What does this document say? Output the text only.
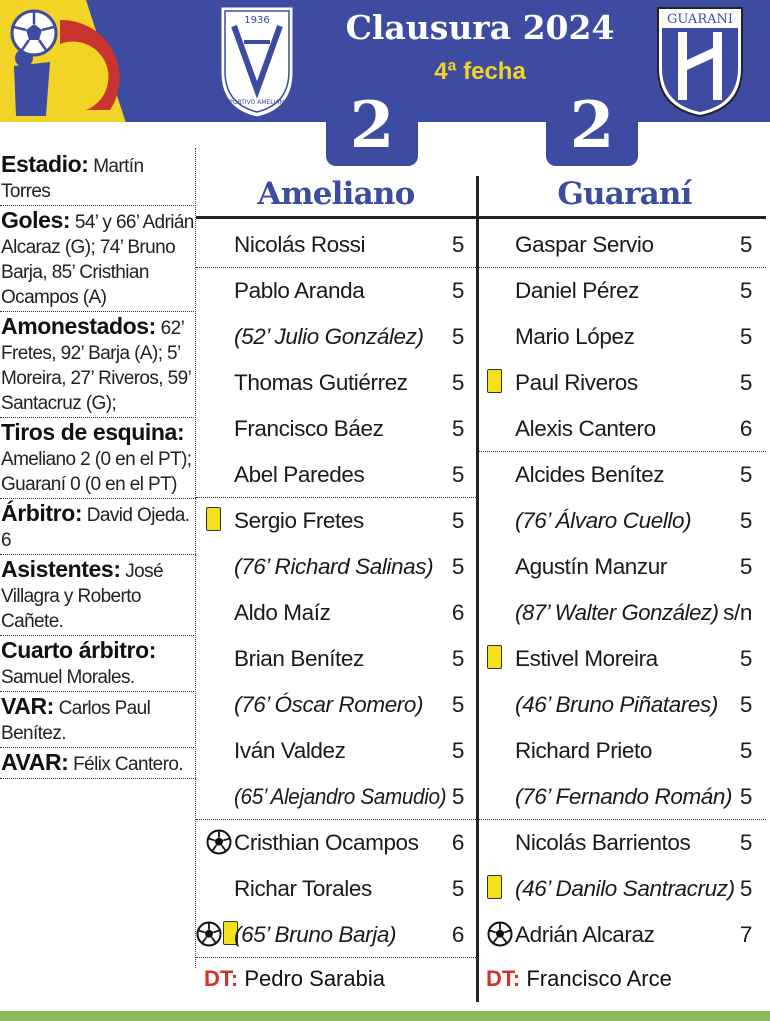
1936
SPORTIVO AMELIANO
Clausura 2024
4ª fecha
GUARANI
2	2
Estadio: Martín Torres
Goles: 54’ y 66’ Adrián Alcaraz (G); 74’ Bruno Barja, 85’ Cristhian Ocampos (A)
Amonestados: 62’ Fretes, 92’ Barja (A); 5’ Moreira, 27’ Riveros, 59’ Santacruz (G);
Tiros de esquina: Ameliano 2 (0 en el PT); Guaraní 0 (0 en el PT)
Árbitro: David Ojeda. 6
Asistentes: José Villagra y Roberto Cañete.
Cuarto árbitro: Samuel Morales.
VAR: Carlos Paul Benítez.
AVAR: Félix Cantero.
Ameliano	Guaraní
Nicolás Rossi	5
Pablo Aranda	5
(52’ Julio González) 5
Thomas Gutiérrez 5
Francisco Báez	5
Abel Paredes	5
Sergio Fretes	5
(76’ Richard Salinas) 5
Aldo Maíz	6
Brian Benítez	5
(76’ Óscar Romero) 5
Iván Valdez	5
(65’ Alejandro Samudio) 5
Cristhian Ocampos 6
Richar Torales	5
(65’ Bruno Barja) 6
Gaspar Servio	5
Daniel Pérez	5
Mario López	5
Paul Riveros	5
Alexis Cantero	6
Alcides Benítez	5
(76’ Álvaro Cuello) 5
Agustín Manzur	5
(87’ Walter González) s/n
Estivel Moreira	5
(46’ Bruno Piñatares) 5
Richard Prieto	5
(76’ Fernando Román) 5
Nicolás Barrientos 5
(46’ Danilo Santracruz) 5
Adrián Alcaraz	7
DT: Pedro Sarabia	DT: Francisco Arce
